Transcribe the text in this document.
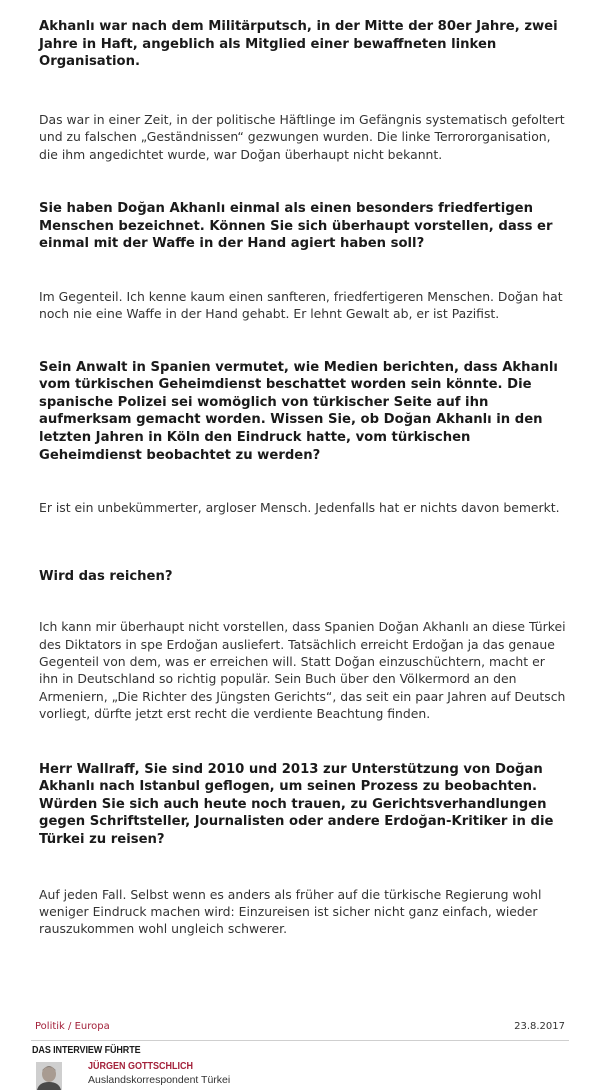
Akhanlı war nach dem Militärputsch, in der Mitte der 80er Jahre, zwei Jahre in Haft, angeblich als Mitglied einer bewaffneten linken Organisation.

Das war in einer Zeit, in der politische Häftlinge im Gefängnis systematisch gefoltert und zu falschen „Geständnissen“ gezwungen wurden. Die linke Terrororganisation, die ihm angedichtet wurde, war Doğan überhaupt nicht bekannt.

Sie haben Doğan Akhanlı einmal als einen besonders friedfertigen Menschen bezeichnet. Können Sie sich überhaupt vorstellen, dass er einmal mit der Waffe in der Hand agiert haben soll?

Im Gegenteil. Ich kenne kaum einen sanfteren, friedfertigeren Menschen. Doğan hat noch nie eine Waffe in der Hand gehabt. Er lehnt Gewalt ab, er ist Pazifist.

Sein Anwalt in Spanien vermutet, wie Medien berichten, dass Akhanlı vom türkischen Geheimdienst beschattet worden sein könnte. Die spanische Polizei sei womöglich von türkischer Seite auf ihn aufmerksam gemacht worden. Wissen Sie, ob Doğan Akhanlı in den letzten Jahren in Köln den Eindruck hatte, vom türkischen Geheimdienst beobachtet zu werden?

Er ist ein unbekümmerter, argloser Mensch. Jedenfalls hat er nichts davon bemerkt.

Wird das reichen?

Ich kann mir überhaupt nicht vorstellen, dass Spanien Doğan Akhanlı an diese Türkei des Diktators in spe Erdoğan ausliefert. Tatsächlich erreicht Erdoğan ja das genaue Gegenteil von dem, was er erreichen will. Statt Doğan einzuschüchtern, macht er ihn in Deutschland so richtig populär. Sein Buch über den Völkermord an den Armeniern, „Die Richter des Jüngsten Gerichts“, das seit ein paar Jahren auf Deutsch vorliegt, dürfte jetzt erst recht die verdiente Beachtung finden.

Herr Wallraff, Sie sind 2010 und 2013 zur Unterstützung von Doğan Akhanlı nach Istanbul geflogen, um seinen Prozess zu beobachten. Würden Sie sich auch heute noch trauen, zu Gerichtsverhandlungen gegen Schriftsteller, Journalisten oder andere Erdoğan-Kritiker in die Türkei zu reisen?

Auf jeden Fall. Selbst wenn es anders als früher auf die türkische Regierung wohl weniger Eindruck machen wird: Einzureisen ist sicher nicht ganz einfach, wieder rauszukommen wohl ungleich schwerer.

Politik / Europa	23.8.2017
DAS INTERVIEW FÜHRTE
JÜRGEN GOTTSCHLICH
Auslandskorrespondent Türkei
